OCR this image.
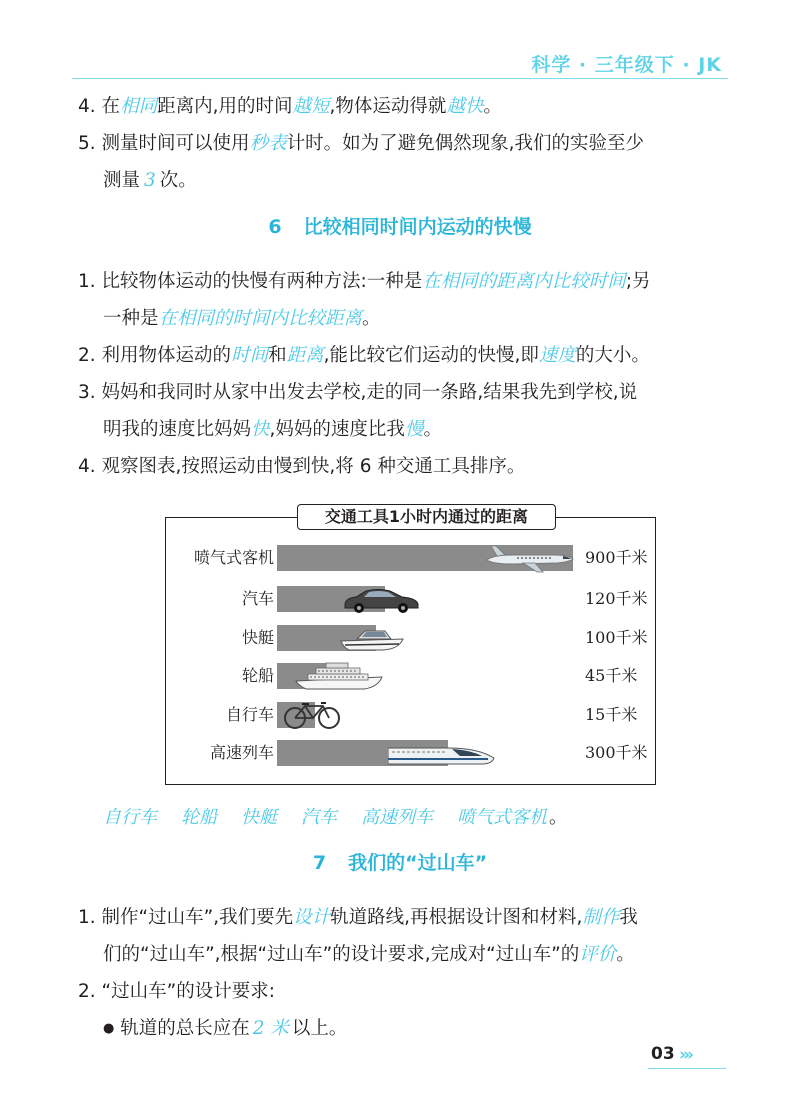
科学 · 三年级下 · JK
4. 在相同距离内,用的时间越短,物体运动得就越快。
5. 测量时间可以使用秒表计时。如为了避免偶然现象,我们的实验至少
测量 3 次。
6 比较相同时间内运动的快慢
1. 比较物体运动的快慢有两种方法:一种是在相同的距离内比较时间;另
一种是在相同的时间内比较距离。
2. 利用物体运动的时间和距离,能比较它们运动的快慢,即速度的大小。
3. 妈妈和我同时从家中出发去学校,走的同一条路,结果我先到学校,说
明我的速度比妈妈快,妈妈的速度比我慢。
4. 观察图表,按照运动由慢到快,将 6 种交通工具排序。
交通工具1小时内通过的距离
喷气式客机	900千米
汽车	120千米
快艇	100千米
轮船	45千米
自行车	15千米
高速列车	300千米
自行车 轮船 快艇 汽车 高速列车 喷气式客机 。
7 我们的“过山车”
1. 制作“过山车”,我们要先设计轨道路线,再根据设计图和材料,制作我
们的“过山车”,根据“过山车”的设计要求,完成对“过山车”的评价。
2. “过山车”的设计要求:
● 轨道的总长应在 2 米 以上。
03 ›››
